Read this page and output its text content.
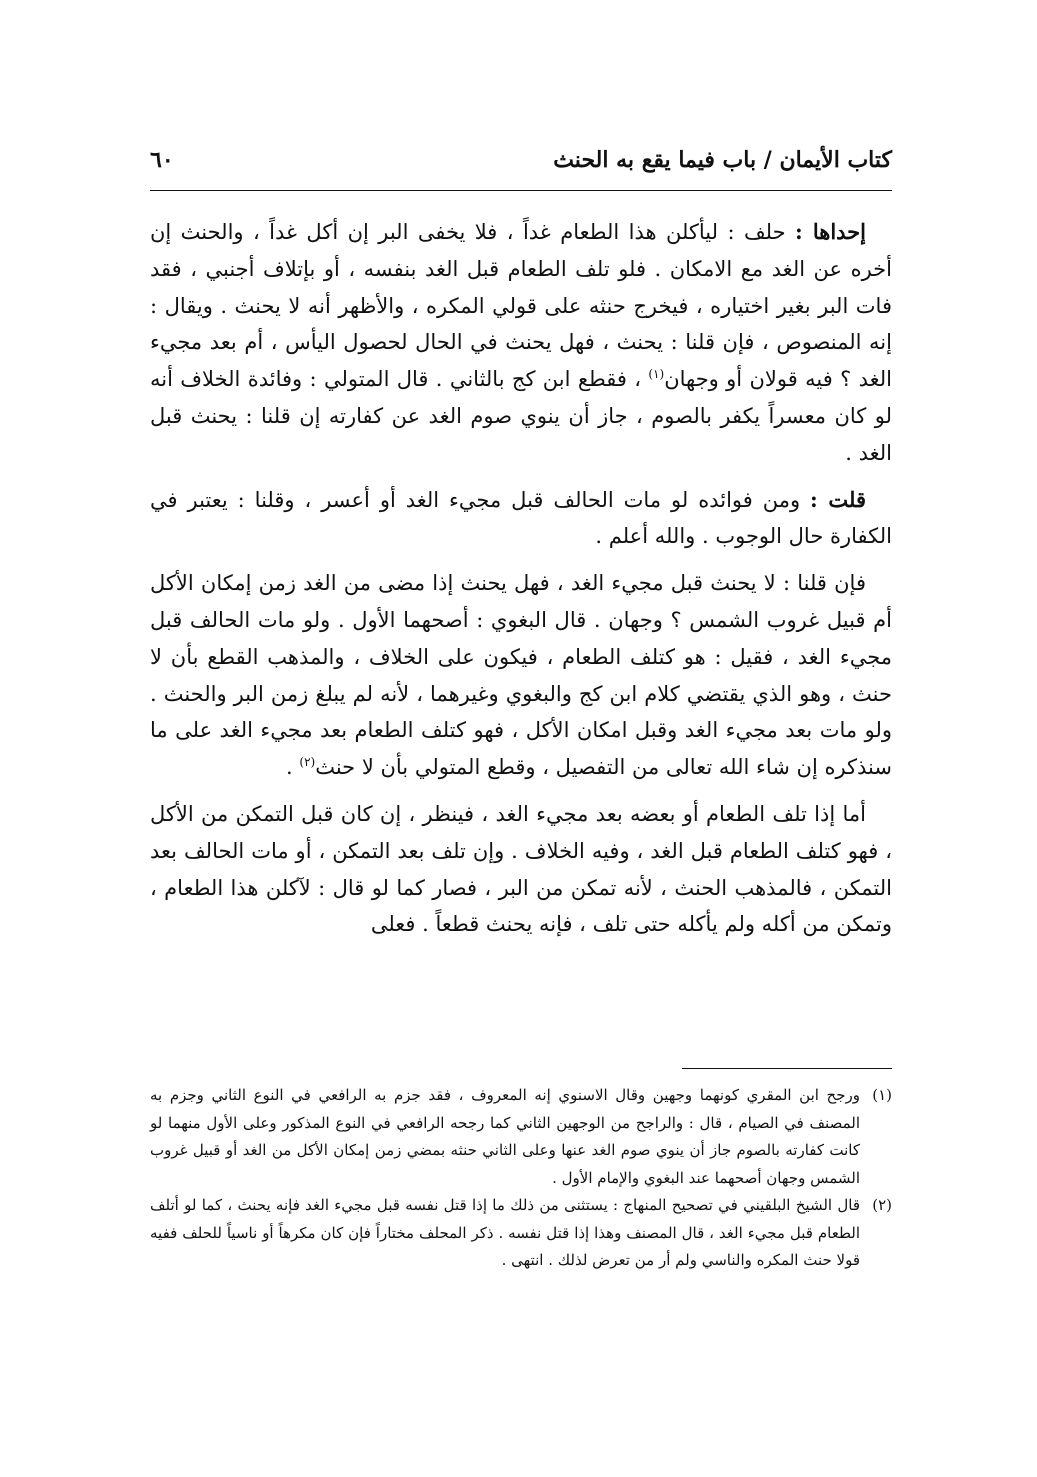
كتاب الأيمان / باب فيما يقع به الحنث
٦٠

إحداها : حلف : ليأكلن هذا الطعام غداً ، فلا يخفى البر إن أكل غداً ، والحنث إن أخره عن الغد مع الامكان . فلو تلف الطعام قبل الغد بنفسه ، أو بإتلاف أجنبي ، فقد فات البر بغير اختياره ، فيخرج حنثه على قولي المكره ، والأظهر أنه لا يحنث . ويقال : إنه المنصوص ، فإن قلنا : يحنث ، فهل يحنث في الحال لحصول اليأس ، أم بعد مجيء الغد ؟ فيه قولان أو وجهان$^{(١)}$ ، فقطع ابن كج بالثاني . قال المتولي : وفائدة الخلاف أنه لو كان معسراً يكفر بالصوم ، جاز أن ينوي صوم الغد عن كفارته إن قلنا : يحنث قبل الغد .

قلت : ومن فوائده لو مات الحالف قبل مجيء الغد أو أعسر ، وقلنا : يعتبر في الكفارة حال الوجوب . والله أعلم .

فإن قلنا : لا يحنث قبل مجيء الغد ، فهل يحنث إذا مضى من الغد زمن إمكان الأكل أم قبيل غروب الشمس ؟ وجهان . قال البغوي : أصحهما الأول . ولو مات الحالف قبل مجيء الغد ، فقيل : هو كتلف الطعام ، فيكون على الخلاف ، والمذهب القطع بأن لا حنث ، وهو الذي يقتضي كلام ابن كج والبغوي وغيرهما ، لأنه لم يبلغ زمن البر والحنث . ولو مات بعد مجيء الغد وقبل امكان الأكل ، فهو كتلف الطعام بعد مجيء الغد على ما سنذكره إن شاء الله تعالى من التفصيل ، وقطع المتولي بأن لا حنث$^{(٢)}$ .

أما إذا تلف الطعام أو بعضه بعد مجيء الغد ، فينظر ، إن كان قبل التمكن من الأكل ، فهو كتلف الطعام قبل الغد ، وفيه الخلاف . وإن تلف بعد التمكن ، أو مات الحالف بعد التمكن ، فالمذهب الحنث ، لأنه تمكن من البر ، فصار كما لو قال : لآكلن هذا الطعام ، وتمكن من أكله ولم يأكله حتى تلف ، فإنه يحنث قطعاً . فعلى

(١)
ورجح ابن المقري كونهما وجهين وقال الاسنوي إنه المعروف ، فقد جزم به الرافعي في النوع الثاني وجزم به المصنف في الصيام ، قال : والراجح من الوجهين الثاني كما رجحه الرافعي في النوع المذكور وعلى الأول منهما لو كانت كفارته بالصوم جاز أن ينوي صوم الغد عنها وعلى الثاني حنثه بمضي زمن إمكان الأكل من الغد أو قبيل غروب الشمس وجهان أصحهما عند البغوي والإمام الأول .

(٢)
قال الشيخ البلقيني في تصحيح المنهاج : يستثنى من ذلك ما إذا قتل نفسه قبل مجيء الغد فإنه يحنث ، كما لو أتلف الطعام قبل مجيء الغد ، قال المصنف وهذا إذا قتل نفسه . ذكر المحلف مختاراً فإن كان مكرهاً أو ناسياً للحلف ففيه قولا حنث المكره والناسي ولم أر من تعرض لذلك . انتهى .
